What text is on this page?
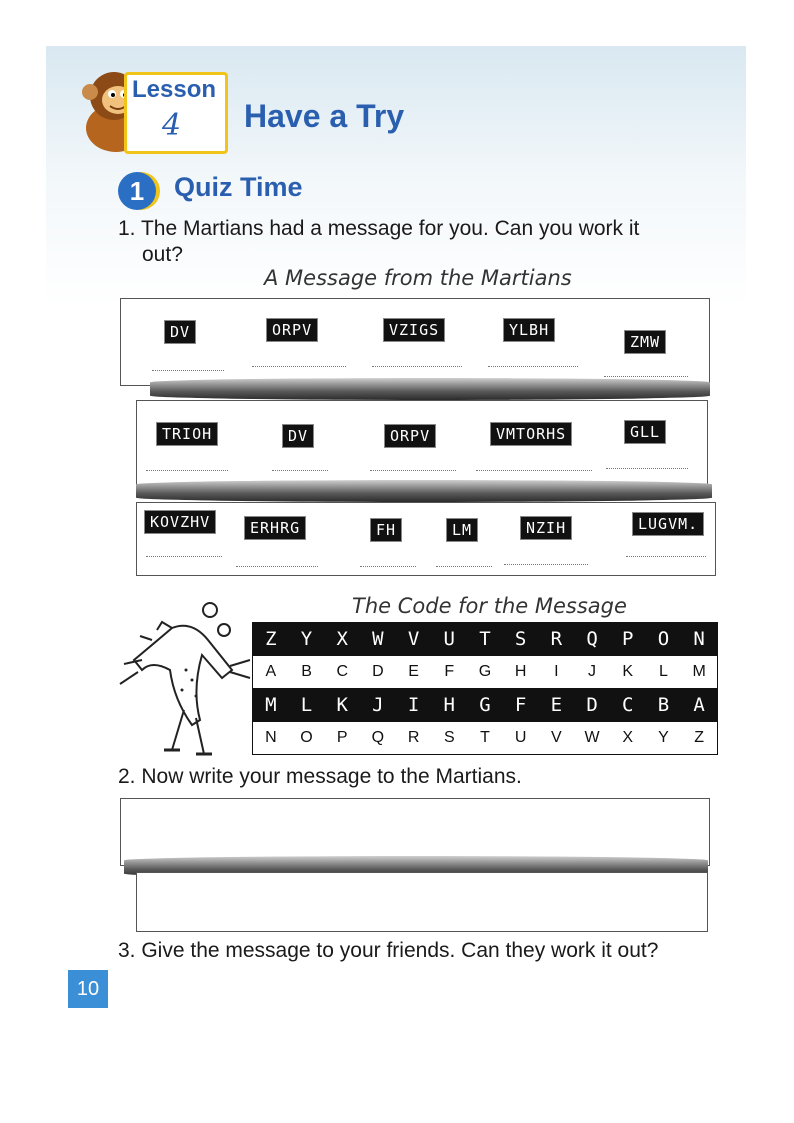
Lesson
4 Have a Try
1	Quiz Time
1. The Martians had a message for you. Can you work it
out?
A Message from the Martians
DV	ORPV	VZIGS	YLBH
ZMW
TRIOH	DV	ORPV	VMTORHS	GLL
KOVZHV	ERHRG	FH	LM	NZIH	LUGVM.
The Code for the Message
Z	Y	X	W	V	U	T	S	R	Q	P	O	N
A	B	C	D	E	F	G	H	I	J	K	L	M
M	L	K	J	I	H	G	F	E	D	C	B	A
N	O	P	Q	R	S	T	U	V	W	X	Y	Z
2. Now write your message to the Martians.
3. Give the message to your friends. Can they work it out?
10
